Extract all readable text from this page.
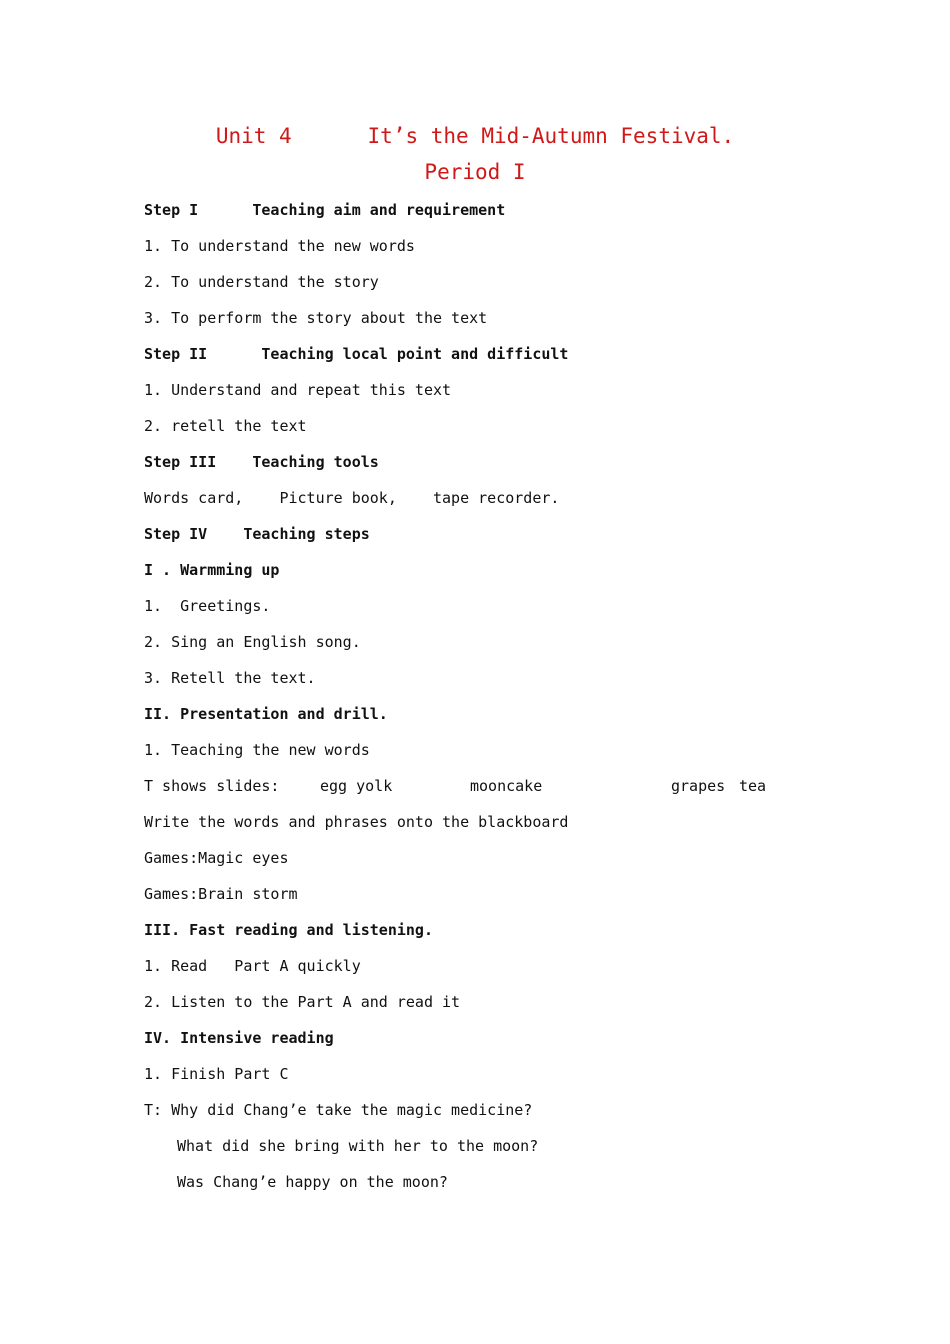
Unit 4      It’s the Mid-Autumn Festival.
Period I
Step I      Teaching aim and requirement
1. To understand the new words
2. To understand the story
3. To perform the story about the text
Step II      Teaching local point and difficult
1. Understand and repeat this text
2. retell the text
Step III    Teaching tools
Words card,    Picture book,    tape recorder.
Step IV    Teaching steps
I . Warmming up
1.  Greetings.
2. Sing an English song.
3. Retell the text.
II. Presentation and drill.
1. Teaching the new words

T shows slides:

	egg yolk

	mooncake

	grapes

tea

Write the words and phrases onto the blackboard
Games:Magic eyes
Games:Brain storm
III. Fast reading and listening.
1. Read   Part A quickly
2. Listen to the Part A and read it
IV. Intensive reading
1. Finish Part C
T: Why did Chang’e take the magic medicine?
What did she bring with her to the moon?
Was Chang’e happy on the moon?
